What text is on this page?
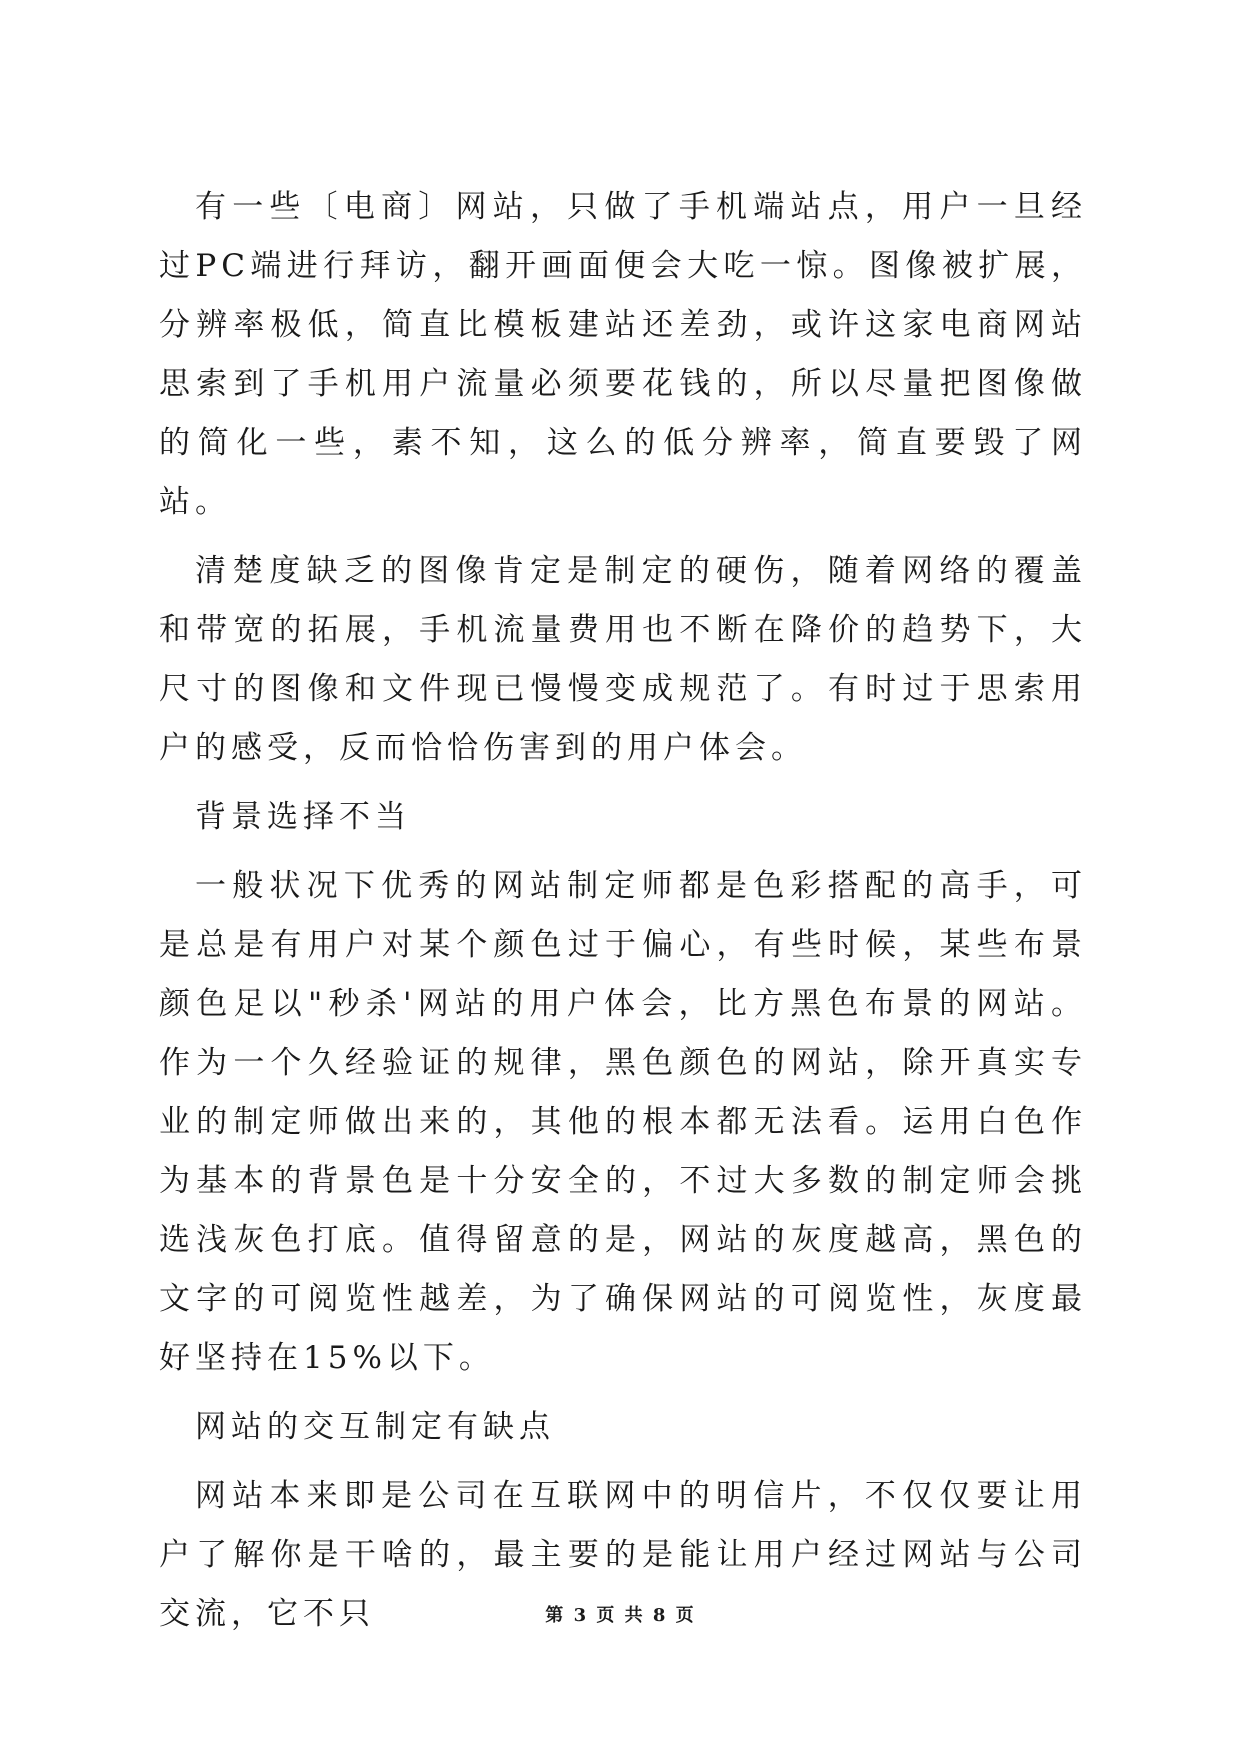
有一些〔电商〕网站，只做了手机端站点，用户一旦经过PC端进行拜访，翻开画面便会大吃一惊。图像被扩展，分辨率极低，简直比模板建站还差劲，或许这家电商网站思索到了手机用户流量必须要花钱的，所以尽量把图像做的简化一些，素不知，这么的低分辨率，简直要毁了网站。

清楚度缺乏的图像肯定是制定的硬伤，随着网络的覆盖和带宽的拓展，手机流量费用也不断在降价的趋势下，大尺寸的图像和文件现已慢慢变成规范了。有时过于思索用户的感受，反而恰恰伤害到的用户体会。

背景选择不当

一般状况下优秀的网站制定师都是色彩搭配的高手，可是总是有用户对某个颜色过于偏心，有些时候，某些布景颜色足以"秒杀'网站的用户体会，比方黑色布景的网站。作为一个久经验证的规律，黑色颜色的网站，除开真实专业的制定师做出来的，其他的根本都无法看。运用白色作为基本的背景色是十分安全的，不过大多数的制定师会挑选浅灰色打底。值得留意的是，网站的灰度越高，黑色的文字的可阅览性越差，为了确保网站的可阅览性，灰度最好坚持在15%以下。

网站的交互制定有缺点

网站本来即是公司在互联网中的明信片，不仅仅要让用户了解你是干啥的，最主要的是能让用户经过网站与公司交流，它不只	第 3 页 共 8 页
